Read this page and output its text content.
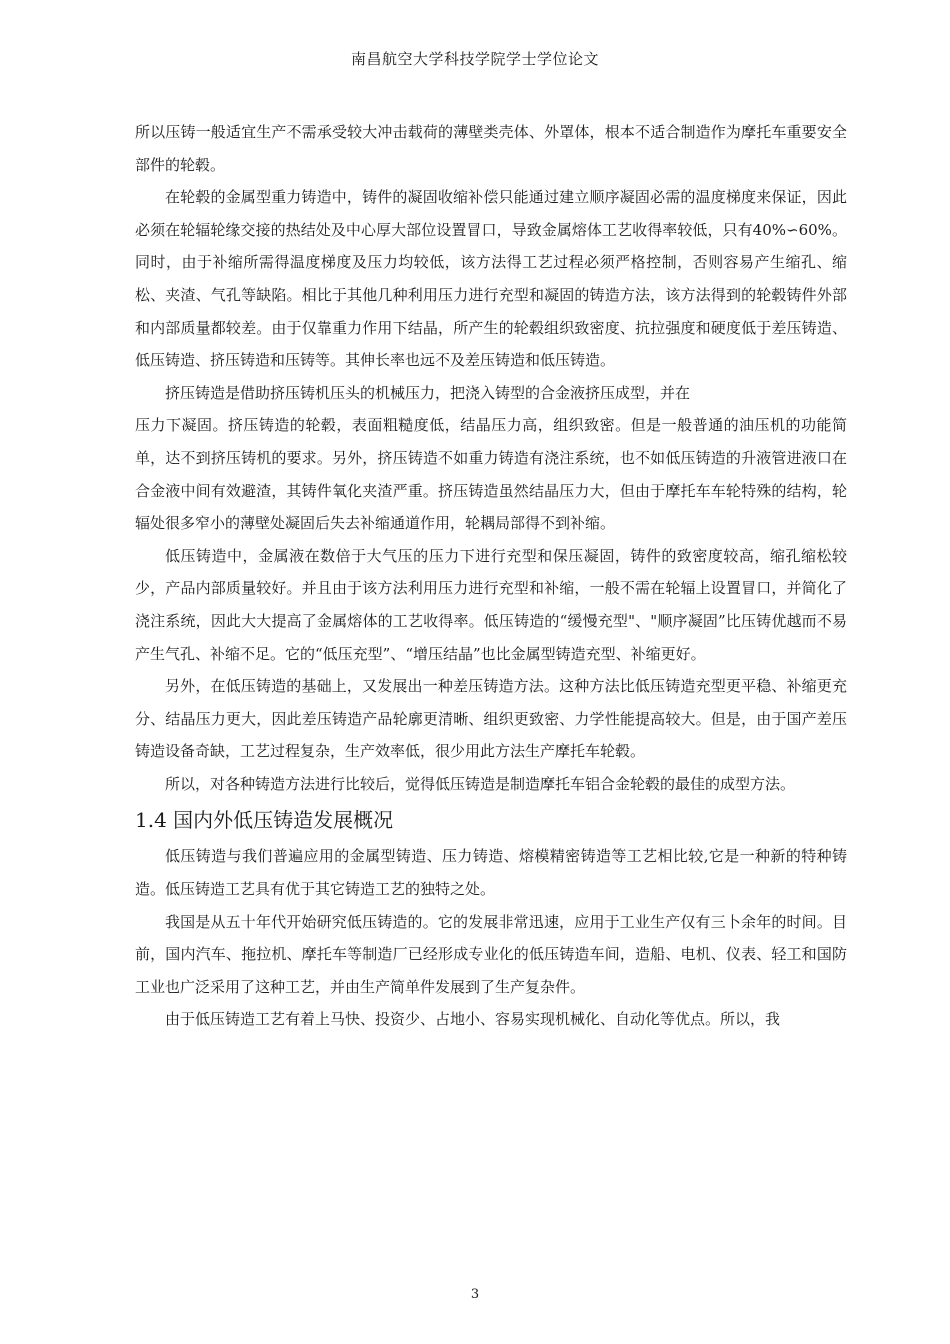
南昌航空大学科技学院学士学位论文

所以压铸一般适宜生产不需承受较大冲击载荷的薄壁类壳体、外罩体，根本不适合制造作为摩托车重要安全部件的轮毂。

在轮毂的金属型重力铸造中，铸件的凝固收缩补偿只能通过建立顺序凝固必需的温度梯度来保证，因此必须在轮辐轮缘交接的热结处及中心厚大部位设置冒口，导致金属熔体工艺收得率较低，只有40%∽60%。同时，由于补缩所需得温度梯度及压力均较低，该方法得工艺过程必须严格控制，否则容易产生缩孔、缩松、夹渣、气孔等缺陷。相比于其他几种利用压力进行充型和凝固的铸造方法，该方法得到的轮毂铸件外部和内部质量都较差。由于仅靠重力作用下结晶，所产生的轮毂组织致密度、抗拉强度和硬度低于差压铸造、低压铸造、挤压铸造和压铸等。其伸长率也远不及差压铸造和低压铸造。

挤压铸造是借助挤压铸机压头的机械压力，把浇入铸型的合金液挤压成型，并在

压力下凝固。挤压铸造的轮毂，表面粗糙度低，结晶压力高，组织致密。但是一般普通的油压机的功能简单，达不到挤压铸机的要求。另外，挤压铸造不如重力铸造有浇注系统，也不如低压铸造的升液管进液口在合金液中间有效避渣，其铸件氧化夹渣严重。挤压铸造虽然结晶压力大，但由于摩托车车轮特殊的结构，轮辐处很多窄小的薄壁处凝固后失去补缩通道作用，轮耦局部得不到补缩。

低压铸造中，金属液在数倍于大气压的压力下进行充型和保压凝固，铸件的致密度较高，缩孔缩松较少，产品内部质量较好。并且由于该方法利用压力进行充型和补缩，一般不需在轮辐上设置冒口，并简化了浇注系统，因此大大提高了金属熔体的工艺收得率。低压铸造的“缓慢充型"、"顺序凝固”比压铸优越而不易产生气孔、补缩不足。它的“低压充型”、“增压结晶”也比金属型铸造充型、补缩更好。

另外，在低压铸造的基础上，又发展出一种差压铸造方法。这种方法比低压铸造充型更平稳、补缩更充分、结晶压力更大，因此差压铸造产品轮廓更清晰、组织更致密、力学性能提高较大。但是，由于国产差压铸造设备奇缺，工艺过程复杂，生产效率低，很少用此方法生产摩托车轮毂。

所以，对各种铸造方法进行比较后，觉得低压铸造是制造摩托车铝合金轮毂的最佳的成型方法。

1.4 国内外低压铸造发展概况

低压铸造与我们普遍应用的金属型铸造、压力铸造、熔模精密铸造等工艺相比较,它是一种新的特种铸造。低压铸造工艺具有优于其它铸造工艺的独特之处。

我国是从五十年代开始研究低压铸造的。它的发展非常迅速，应用于工业生产仅有三卜余年的时间。目前，国内汽车、拖拉机、摩托车等制造厂已经形成专业化的低压铸造车间，造船、电机、仪表、轻工和国防工业也广泛采用了这种工艺，并由生产简单件发展到了生产复杂件。

由于低压铸造工艺有着上马快、投资少、占地小、容易实现机械化、自动化等优点。所以，我

3
